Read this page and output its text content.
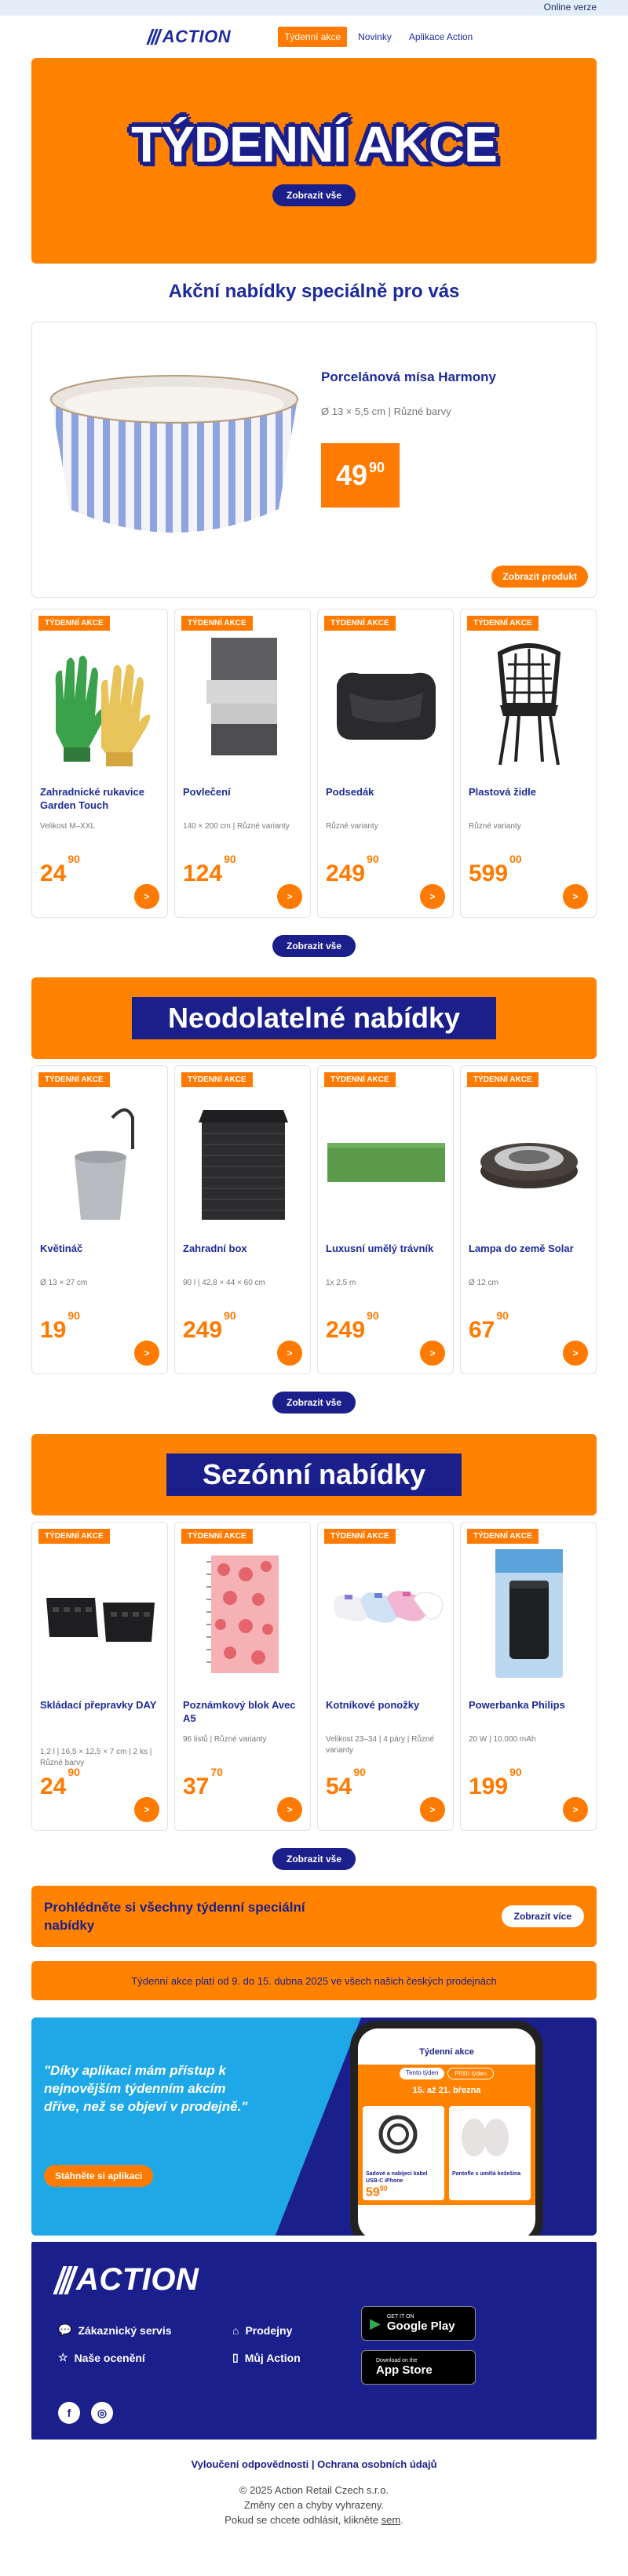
Online verze
ACTION	Týdenní akce	Novinky	Aplikace Action
TÝDENNÍ AKCE
Zobrazit vše
Akční nabídky speciálně pro vás
Porcelánová mísa Harmony
Ø 13 × 5,5 cm | Různé barvy
$49^{90}$
Zobrazit produkt
TÝDENNÍ AKCE
Zahradnické rukavice Garden Touch
Velikost M–XXL
$24^{90}$
>
TÝDENNÍ AKCE
Povlečení
140 × 200 cm | Různé varianty
$124^{90}$
>
TÝDENNÍ AKCE
Podsedák
Různé varianty
$249^{90}$
>
TÝDENNÍ AKCE
Plastová židle
Různé varianty
$599^{00}$
>
Zobrazit vše
Neodolatelné nabídky
TÝDENNÍ AKCE
Květináč
Ø 13 × 27 cm
$19^{90}$
>
TÝDENNÍ AKCE
Zahradní box
90 l | 42,8 × 44 × 60 cm
$249^{90}$
>
TÝDENNÍ AKCE
Luxusní umělý trávník
1x 2,5 m
$249^{90}$
>
TÝDENNÍ AKCE
Lampa do země Solar
Ø 12 cm
$67^{90}$
>
Zobrazit vše
Sezónní nabídky
TÝDENNÍ AKCE
Skládací přepravky DAY
1,2 l | 16,5 × 12,5 × 7 cm | 2 ks | Různé barvy
$24^{90}$
>
TÝDENNÍ AKCE
Poznámkový blok Avec A5
96 listů | Různé varianty
$37^{70}$
>
TÝDENNÍ AKCE
Kotníkové ponožky
Velikost 23–34 | 4 páry | Různé varianty
$54^{90}$
>
TÝDENNÍ AKCE
Powerbanka Philips
20 W | 10.000 mAh
$199^{90}$
>
Zobrazit vše
Prohlédněte si všechny týdenní speciální nabídky
Zobrazit více
Týdenní akce platí od 9. do 15. dubna 2025 ve všech našich českých prodejnách
"Díky aplikaci mám přístup k nejnovějším týdenním akcím dříve, než se objeví v prodejně."
Stáhněte si aplikaci
Týdenní akce
Tento týden	Příští týden
15. až 21. března
Sadové a nabíjecí kabel USB-C iPhone
$59^{90}$
Pantofle s umělá kožešina
ACTION
💬 Zákaznický servis	⌂ Prodejny
☆ Naše ocenění	▯ Můj Action
▶ GET IT ON
Google Play
Download on the
App Store
f	◎
Vyloučení odpovědnosti | Ochrana osobních údajů
© 2025 Action Retail Czech s.r.o.
Změny cen a chyby vyhrazeny.
Pokud se chcete odhlásit, klikněte sem.
